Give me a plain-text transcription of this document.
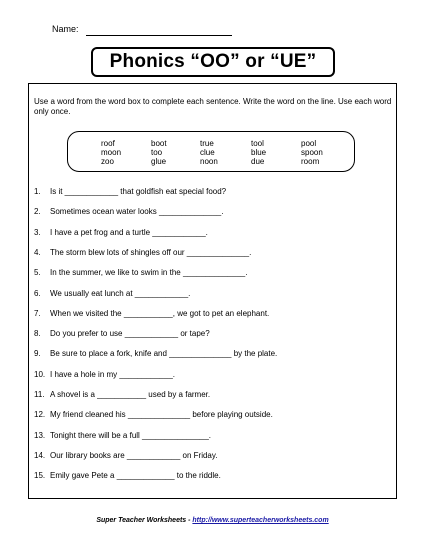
Name:
Phonics “OO” or “UE”
Use a word from the word box to complete each sentence. Write the word on the line. Use each word only once.
roof	boot	true	tool	pool
moon	too	clue	blue	spoon
zoo	glue	noon	due	room
1.	Is it ____________ that goldfish eat special food?
2.	Sometimes ocean water looks ______________.
3.	I have a pet frog and a turtle ____________.
4.	The storm blew lots of shingles off our ______________.
5.	In the summer, we like to swim in the ______________.
6.	We usually eat lunch at ____________.
7.	When we visited the ___________, we got to pet an elephant.
8.	Do you prefer to use ____________ or tape?
9.	Be sure to place a fork, knife and ______________ by the plate.
10. I have a hole in my ____________.
11. A shovel is a ___________ used by a farmer.
12. My friend cleaned his ______________ before playing outside.
13. Tonight there will be a full _______________.
14. Our library books are ____________ on Friday.
15. Emily gave Pete a _____________ to the riddle.
Super Teacher Worksheets - http://www.superteacherworksheets.com
